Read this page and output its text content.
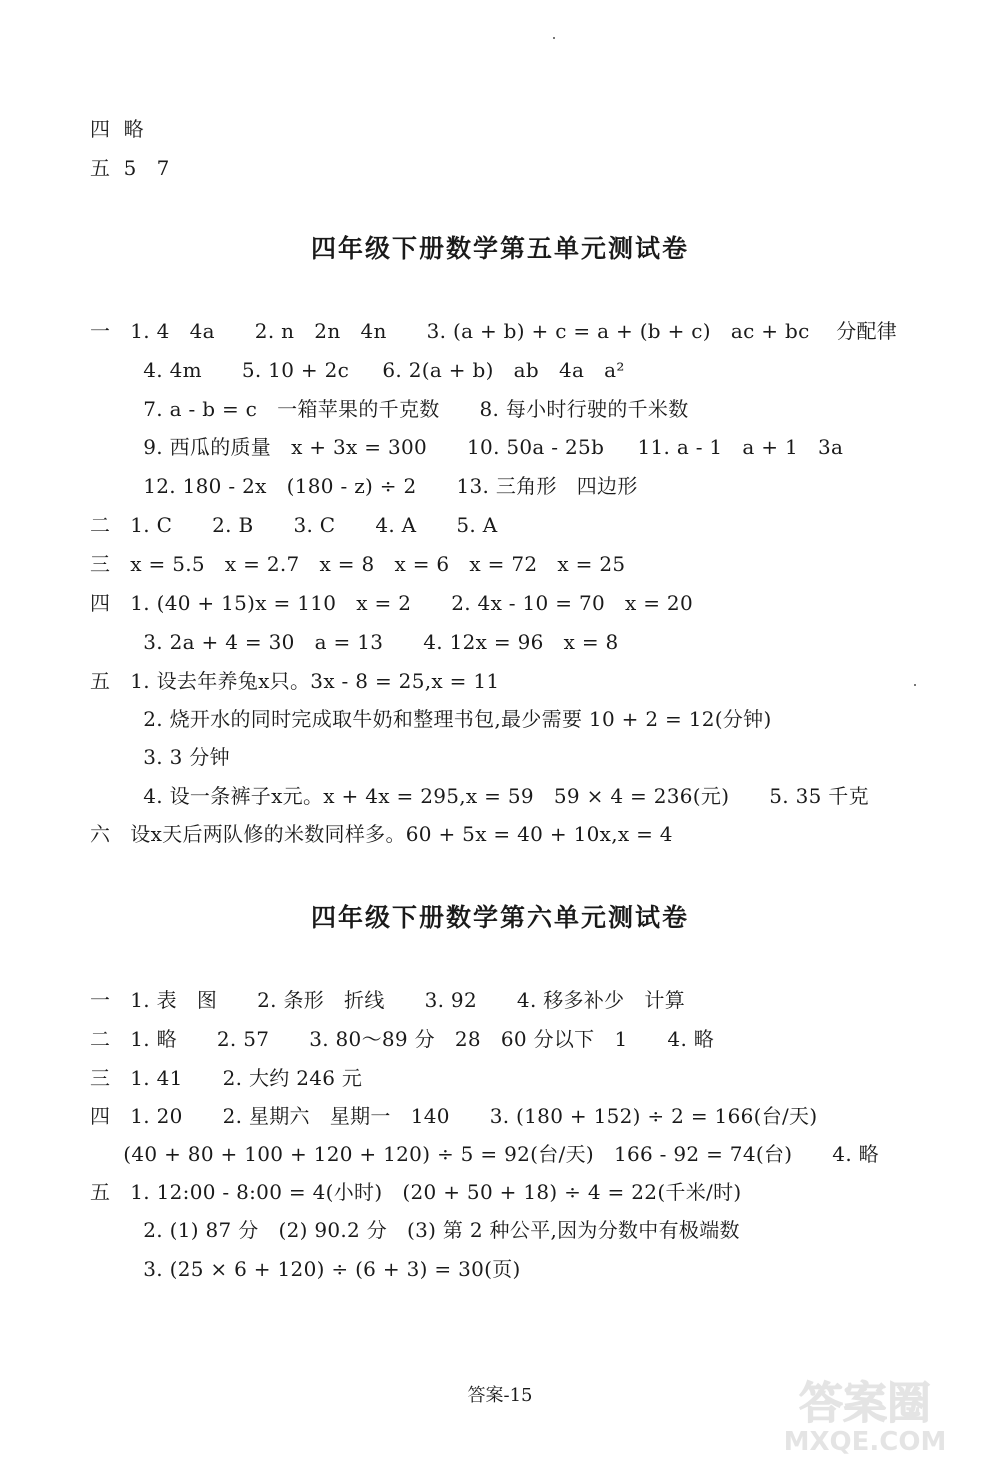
四  略
五  5   7
四年级下册数学第五单元测试卷
一   1. 4   4a      2. n   2n   4n      3. (a + b) + c = a + (b + c)   ac + bc    分配律
4. 4m      5. 10 + 2c     6. 2(a + b)   ab   4a   a²
7. a - b = c   一箱苹果的千克数      8. 每小时行驶的千米数
9. 西瓜的质量   x + 3x = 300      10. 50a - 25b     11. a - 1   a + 1   3a
12. 180 - 2x   (180 - z) ÷ 2      13. 三角形   四边形
二   1. C      2. B      3. C      4. A      5. A
三   x = 5.5   x = 2.7   x = 8   x = 6   x = 72   x = 25
四   1. (40 + 15)x = 110   x = 2      2. 4x - 10 = 70   x = 20
3. 2a + 4 = 30   a = 13      4. 12x = 96   x = 8
五   1. 设去年养兔x只。3x - 8 = 25,x = 11
2. 烧开水的同时完成取牛奶和整理书包,最少需要 10 + 2 = 12(分钟)
3. 3 分钟
4. 设一条裤子x元。x + 4x = 295,x = 59   59 × 4 = 236(元)      5. 35 千克
六   设x天后两队修的米数同样多。60 + 5x = 40 + 10x,x = 4
四年级下册数学第六单元测试卷
一   1. 表   图      2. 条形   折线      3. 92      4. 移多补少   计算
二   1. 略      2. 57      3. 80～89 分   28   60 分以下   1      4. 略
三   1. 41      2. 大约 246 元
四   1. 20      2. 星期六   星期一   140      3. (180 + 152) ÷ 2 = 166(台/天)
(40 + 80 + 100 + 120 + 120) ÷ 5 = 92(台/天)   166 - 92 = 74(台)      4. 略
五   1. 12:00 - 8:00 = 4(小时)   (20 + 50 + 18) ÷ 4 = 22(千米/时)
2. (1) 87 分   (2) 90.2 分   (3) 第 2 种公平,因为分数中有极端数
3. (25 × 6 + 120) ÷ (6 + 3) = 30(页)
答案-15	答案圈
MXQE.COM
